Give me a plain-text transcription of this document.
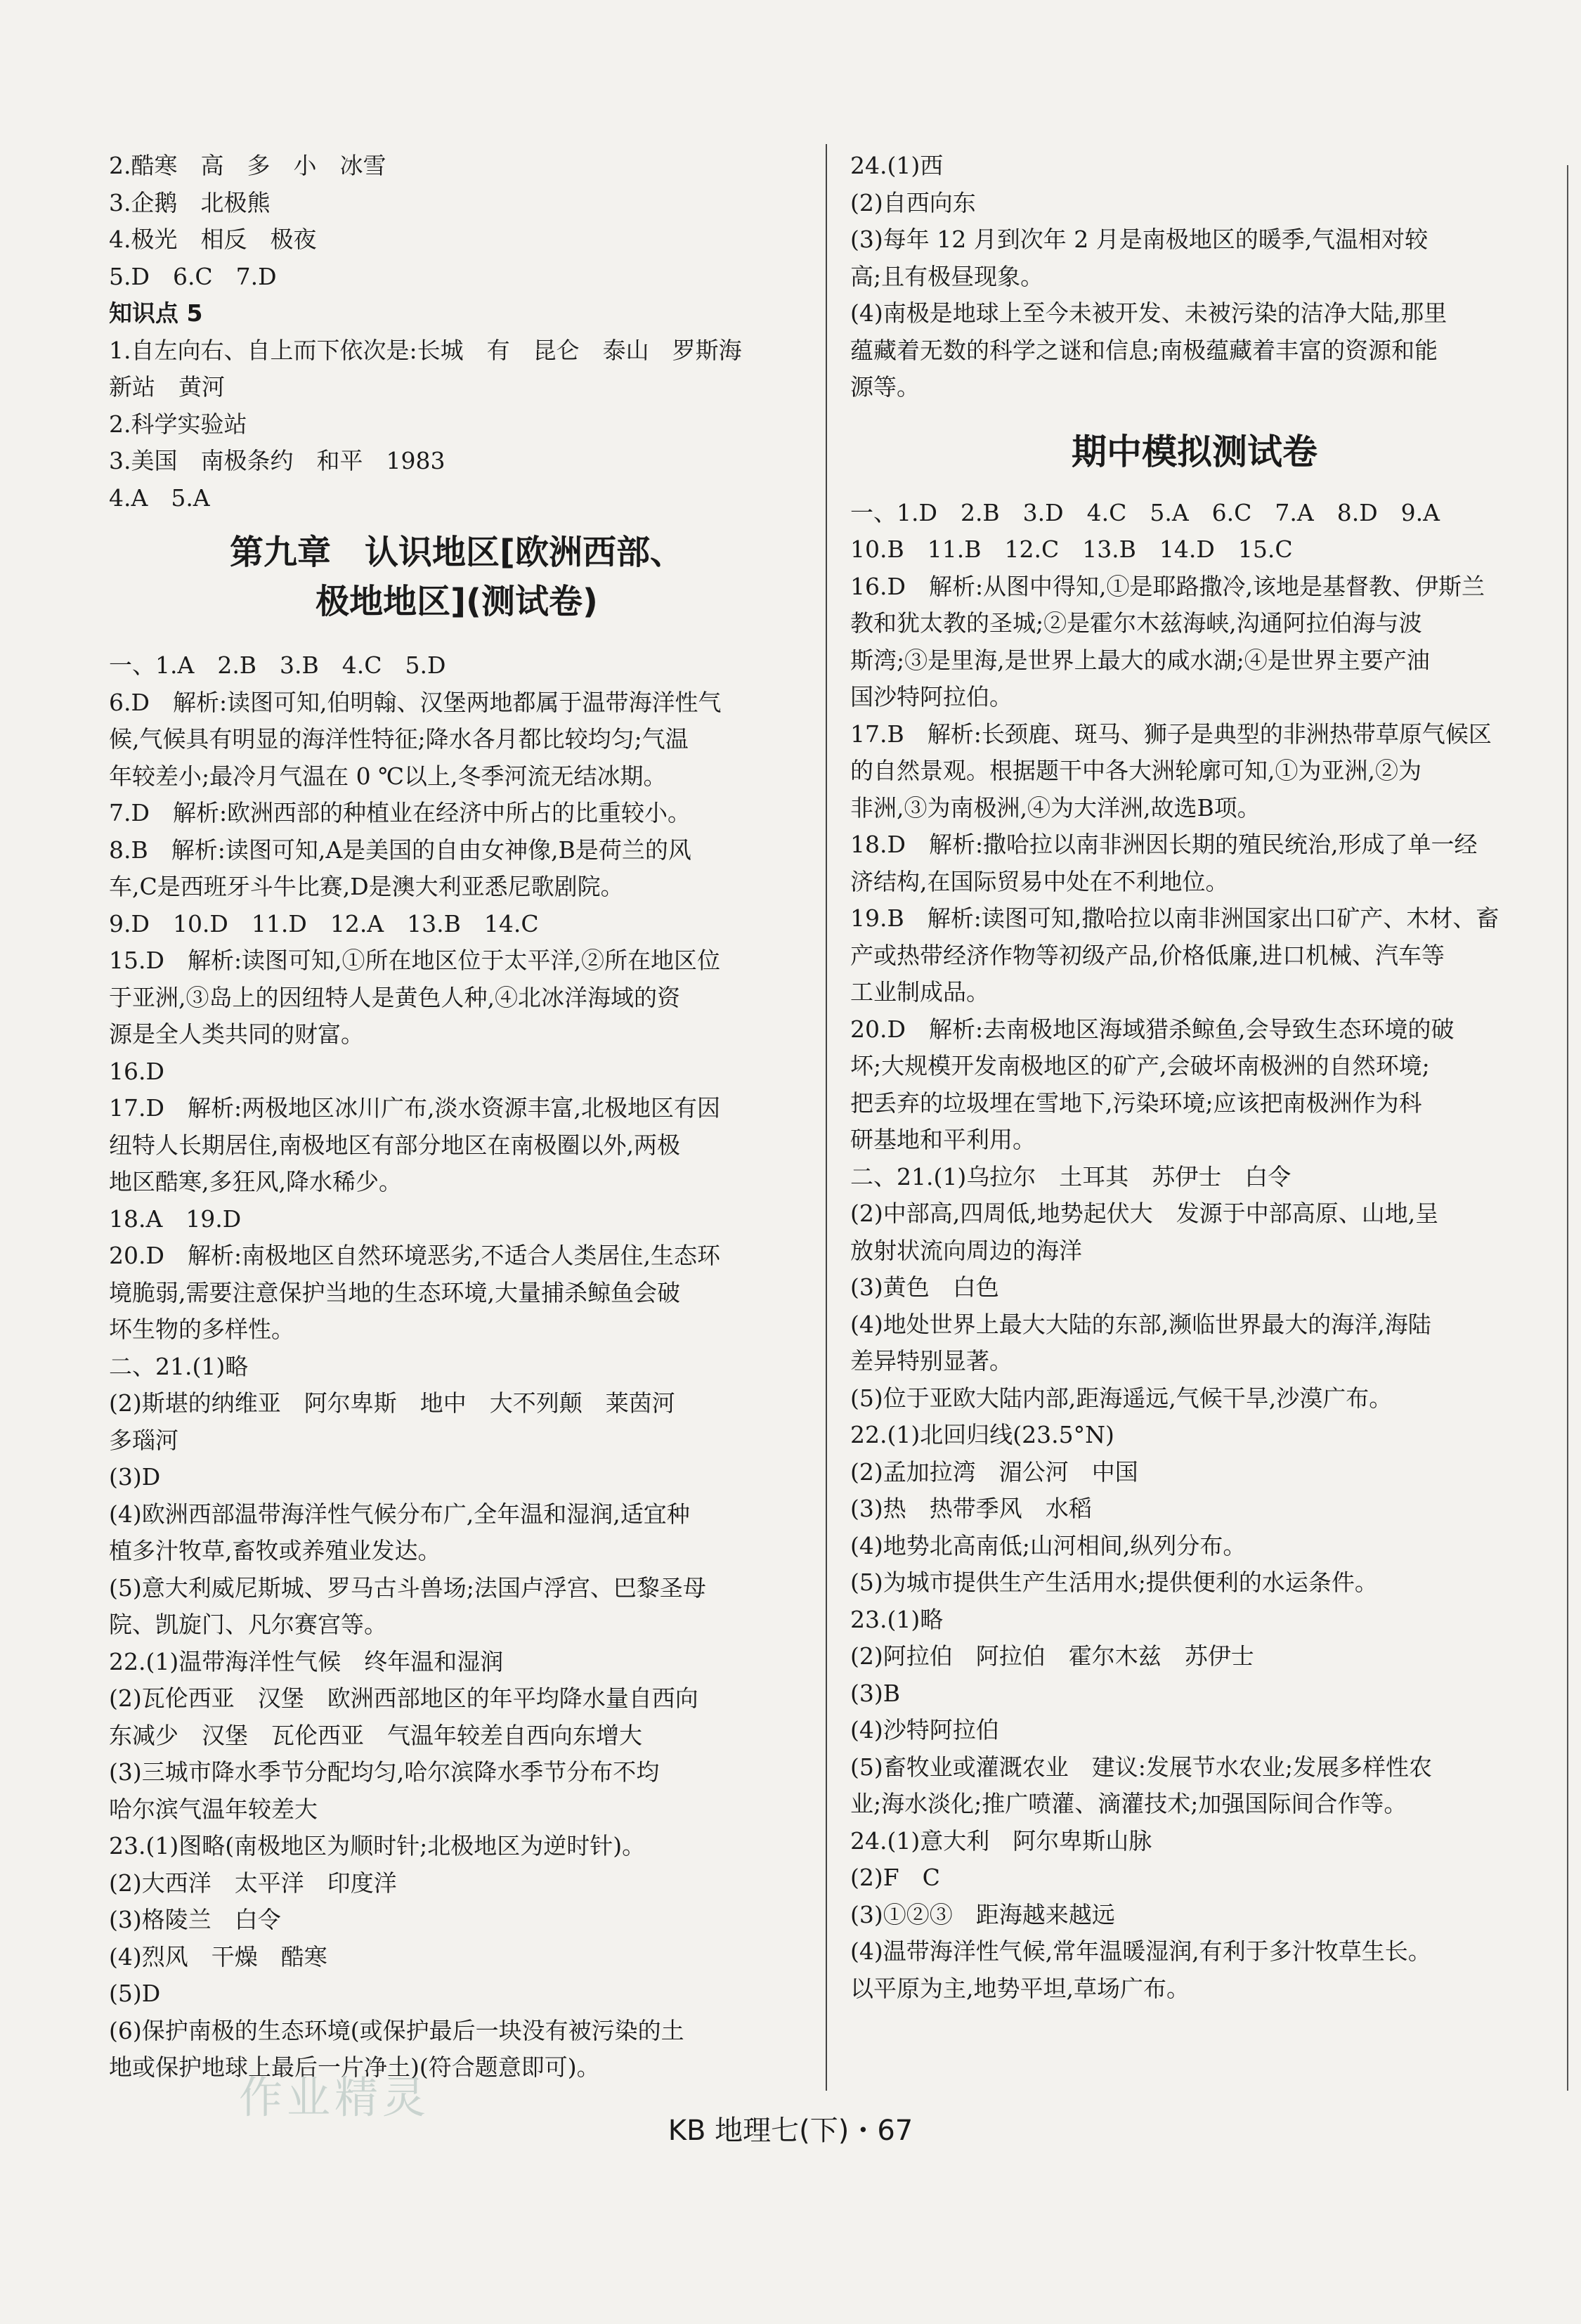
2.酷寒　高　多　小　冰雪
3.企鹅　北极熊
4.极光　相反　极夜
5.D　6.C　7.D
知识点 5
1.自左向右、自上而下依次是:长城　有　昆仑　泰山　罗斯海
新站　黄河
2.科学实验站
3.美国　南极条约　和平　1983
4.A　5.A
第九章　认识地区[欧洲西部、
极地地区](测试卷)
一、1.A　2.B　3.B　4.C　5.D
6.D　解析:读图可知,伯明翰、汉堡两地都属于温带海洋性气
候,气候具有明显的海洋性特征;降水各月都比较均匀;气温
年较差小;最冷月气温在 0 ℃以上,冬季河流无结冰期。
7.D　解析:欧洲西部的种植业在经济中所占的比重较小。
8.B　解析:读图可知,A是美国的自由女神像,B是荷兰的风
车,C是西班牙斗牛比赛,D是澳大利亚悉尼歌剧院。
9.D　10.D　11.D　12.A　13.B　14.C
15.D　解析:读图可知,①所在地区位于太平洋,②所在地区位
于亚洲,③岛上的因纽特人是黄色人种,④北冰洋海域的资
源是全人类共同的财富。
16.D
17.D　解析:两极地区冰川广布,淡水资源丰富,北极地区有因
纽特人长期居住,南极地区有部分地区在南极圈以外,两极
地区酷寒,多狂风,降水稀少。
18.A　19.D
20.D　解析:南极地区自然环境恶劣,不适合人类居住,生态环
境脆弱,需要注意保护当地的生态环境,大量捕杀鲸鱼会破
坏生物的多样性。
二、21.(1)略
(2)斯堪的纳维亚　阿尔卑斯　地中　大不列颠　莱茵河
多瑙河
(3)D
(4)欧洲西部温带海洋性气候分布广,全年温和湿润,适宜种
植多汁牧草,畜牧或养殖业发达。
(5)意大利威尼斯城、罗马古斗兽场;法国卢浮宫、巴黎圣母
院、凯旋门、凡尔赛宫等。
22.(1)温带海洋性气候　终年温和湿润
(2)瓦伦西亚　汉堡　欧洲西部地区的年平均降水量自西向
东减少　汉堡　瓦伦西亚　气温年较差自西向东增大
(3)三城市降水季节分配均匀,哈尔滨降水季节分布不均
哈尔滨气温年较差大
23.(1)图略(南极地区为顺时针;北极地区为逆时针)。
(2)大西洋　太平洋　印度洋
(3)格陵兰　白令
(4)烈风　干燥　酷寒
(5)D
(6)保护南极的生态环境(或保护最后一块没有被污染的土
地或保护地球上最后一片净土)(符合题意即可)。
24.(1)西
(2)自西向东
(3)每年 12 月到次年 2 月是南极地区的暖季,气温相对较
高;且有极昼现象。
(4)南极是地球上至今未被开发、未被污染的洁净大陆,那里
蕴藏着无数的科学之谜和信息;南极蕴藏着丰富的资源和能
源等。
期中模拟测试卷
一、1.D　2.B　3.D　4.C　5.A　6.C　7.A　8.D　9.A
10.B　11.B　12.C　13.B　14.D　15.C
16.D　解析:从图中得知,①是耶路撒冷,该地是基督教、伊斯兰
教和犹太教的圣城;②是霍尔木兹海峡,沟通阿拉伯海与波
斯湾;③是里海,是世界上最大的咸水湖;④是世界主要产油
国沙特阿拉伯。
17.B　解析:长颈鹿、斑马、狮子是典型的非洲热带草原气候区
的自然景观。根据题干中各大洲轮廓可知,①为亚洲,②为
非洲,③为南极洲,④为大洋洲,故选B项。
18.D　解析:撒哈拉以南非洲因长期的殖民统治,形成了单一经
济结构,在国际贸易中处在不利地位。
19.B　解析:读图可知,撒哈拉以南非洲国家出口矿产、木材、畜
产或热带经济作物等初级产品,价格低廉,进口机械、汽车等
工业制成品。
20.D　解析:去南极地区海域猎杀鲸鱼,会导致生态环境的破
坏;大规模开发南极地区的矿产,会破坏南极洲的自然环境;
把丢弃的垃圾埋在雪地下,污染环境;应该把南极洲作为科
研基地和平利用。
二、21.(1)乌拉尔　土耳其　苏伊士　白令
(2)中部高,四周低,地势起伏大　发源于中部高原、山地,呈
放射状流向周边的海洋
(3)黄色　白色
(4)地处世界上最大大陆的东部,濒临世界最大的海洋,海陆
差异特别显著。
(5)位于亚欧大陆内部,距海遥远,气候干旱,沙漠广布。
22.(1)北回归线(23.5°N)
(2)孟加拉湾　湄公河　中国
(3)热　热带季风　水稻
(4)地势北高南低;山河相间,纵列分布。
(5)为城市提供生产生活用水;提供便利的水运条件。
23.(1)略
(2)阿拉伯　阿拉伯　霍尔木兹　苏伊士
(3)B
(4)沙特阿拉伯
(5)畜牧业或灌溉农业　建议:发展节水农业;发展多样性农
业;海水淡化;推广喷灌、滴灌技术;加强国际间合作等。
24.(1)意大利　阿尔卑斯山脉
(2)F　C
(3)①②③　距海越来越远
(4)温带海洋性气候,常年温暖湿润,有利于多汁牧草生长。
以平原为主,地势平坦,草场广布。
作业精灵
KB 地理七(下)・67
